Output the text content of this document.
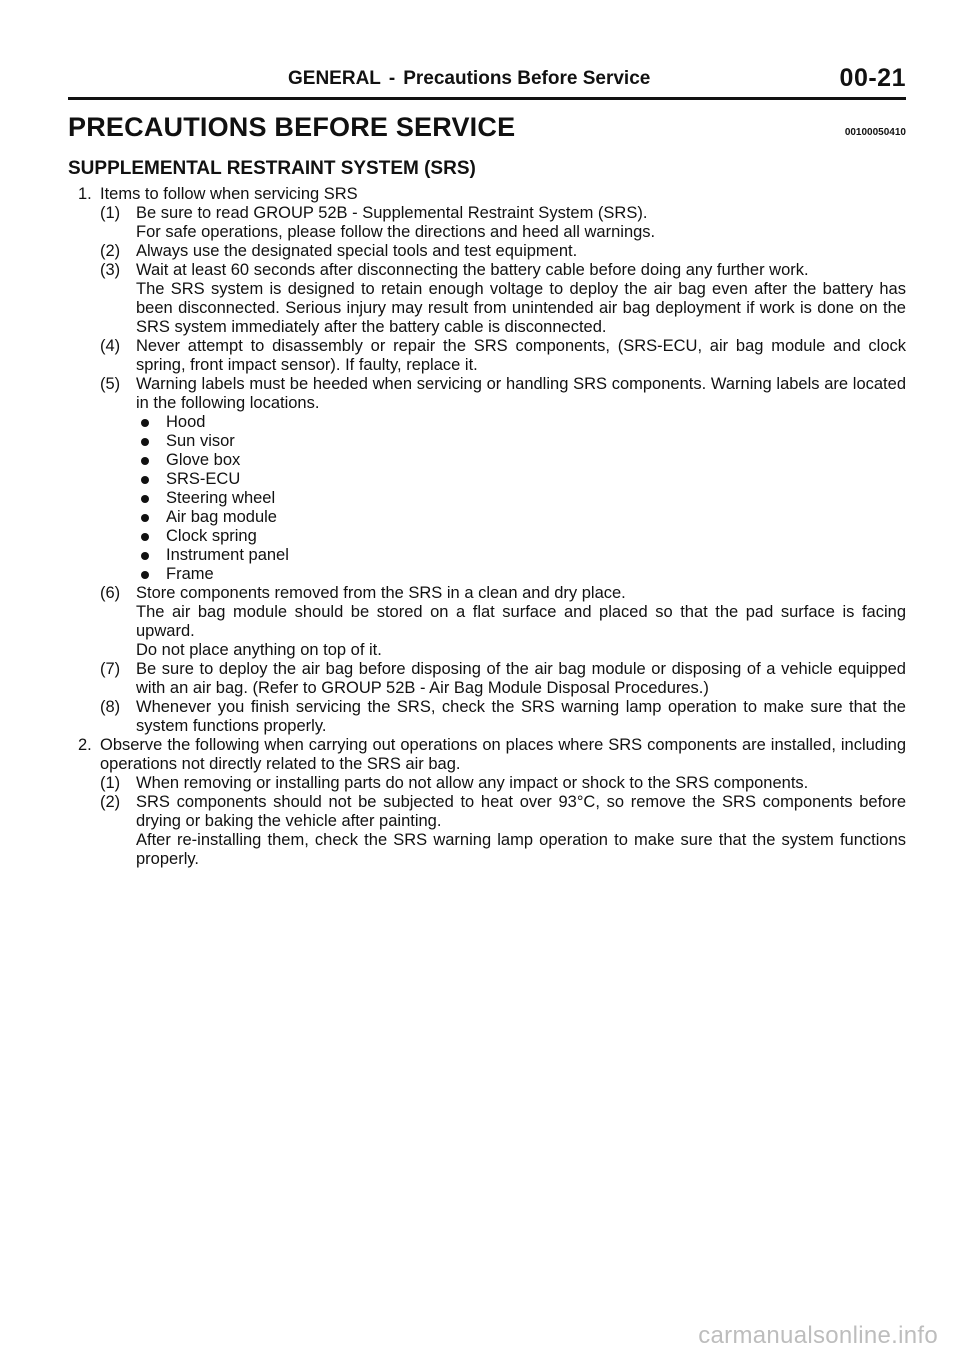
GENERAL - Precautions Before Service	00-21
PRECAUTIONS BEFORE SERVICE	00100050410
SUPPLEMENTAL RESTRAINT SYSTEM (SRS)
1. Items to follow when servicing SRS
(1) Be sure to read GROUP 52B - Supplemental Restraint System (SRS).
For safe operations, please follow the directions and heed all warnings.
(2) Always use the designated special tools and test equipment.
(3) Wait at least 60 seconds after disconnecting the battery cable before doing any further work.
The SRS system is designed to retain enough voltage to deploy the air bag even after the battery has been disconnected. Serious injury may result from unintended air bag deployment if work is done on the SRS system immediately after the battery cable is disconnected.
(4) Never attempt to disassembly or repair the SRS components, (SRS-ECU, air bag module and clock spring, front impact sensor). If faulty, replace it.
(5) Warning labels must be heeded when servicing or handling SRS components. Warning labels are located in the following locations.
Hood
Sun visor
Glove box
SRS-ECU
Steering wheel
Air bag module
Clock spring
Instrument panel
Frame
(6) Store components removed from the SRS in a clean and dry place.
The air bag module should be stored on a flat surface and placed so that the pad surface is facing upward.
Do not place anything on top of it.
(7) Be sure to deploy the air bag before disposing of the air bag module or disposing of a vehicle equipped with an air bag. (Refer to GROUP 52B - Air Bag Module Disposal Procedures.)
(8) Whenever you finish servicing the SRS, check the SRS warning lamp operation to make sure that the system functions properly.
2. Observe the following when carrying out operations on places where SRS components are installed, including operations not directly related to the SRS air bag.
(1) When removing or installing parts do not allow any impact or shock to the SRS components.
(2) SRS components should not be subjected to heat over 93°C, so remove the SRS components before drying or baking the vehicle after painting.
After re-installing them, check the SRS warning lamp operation to make sure that the system functions properly.
carmanualsonline.info
